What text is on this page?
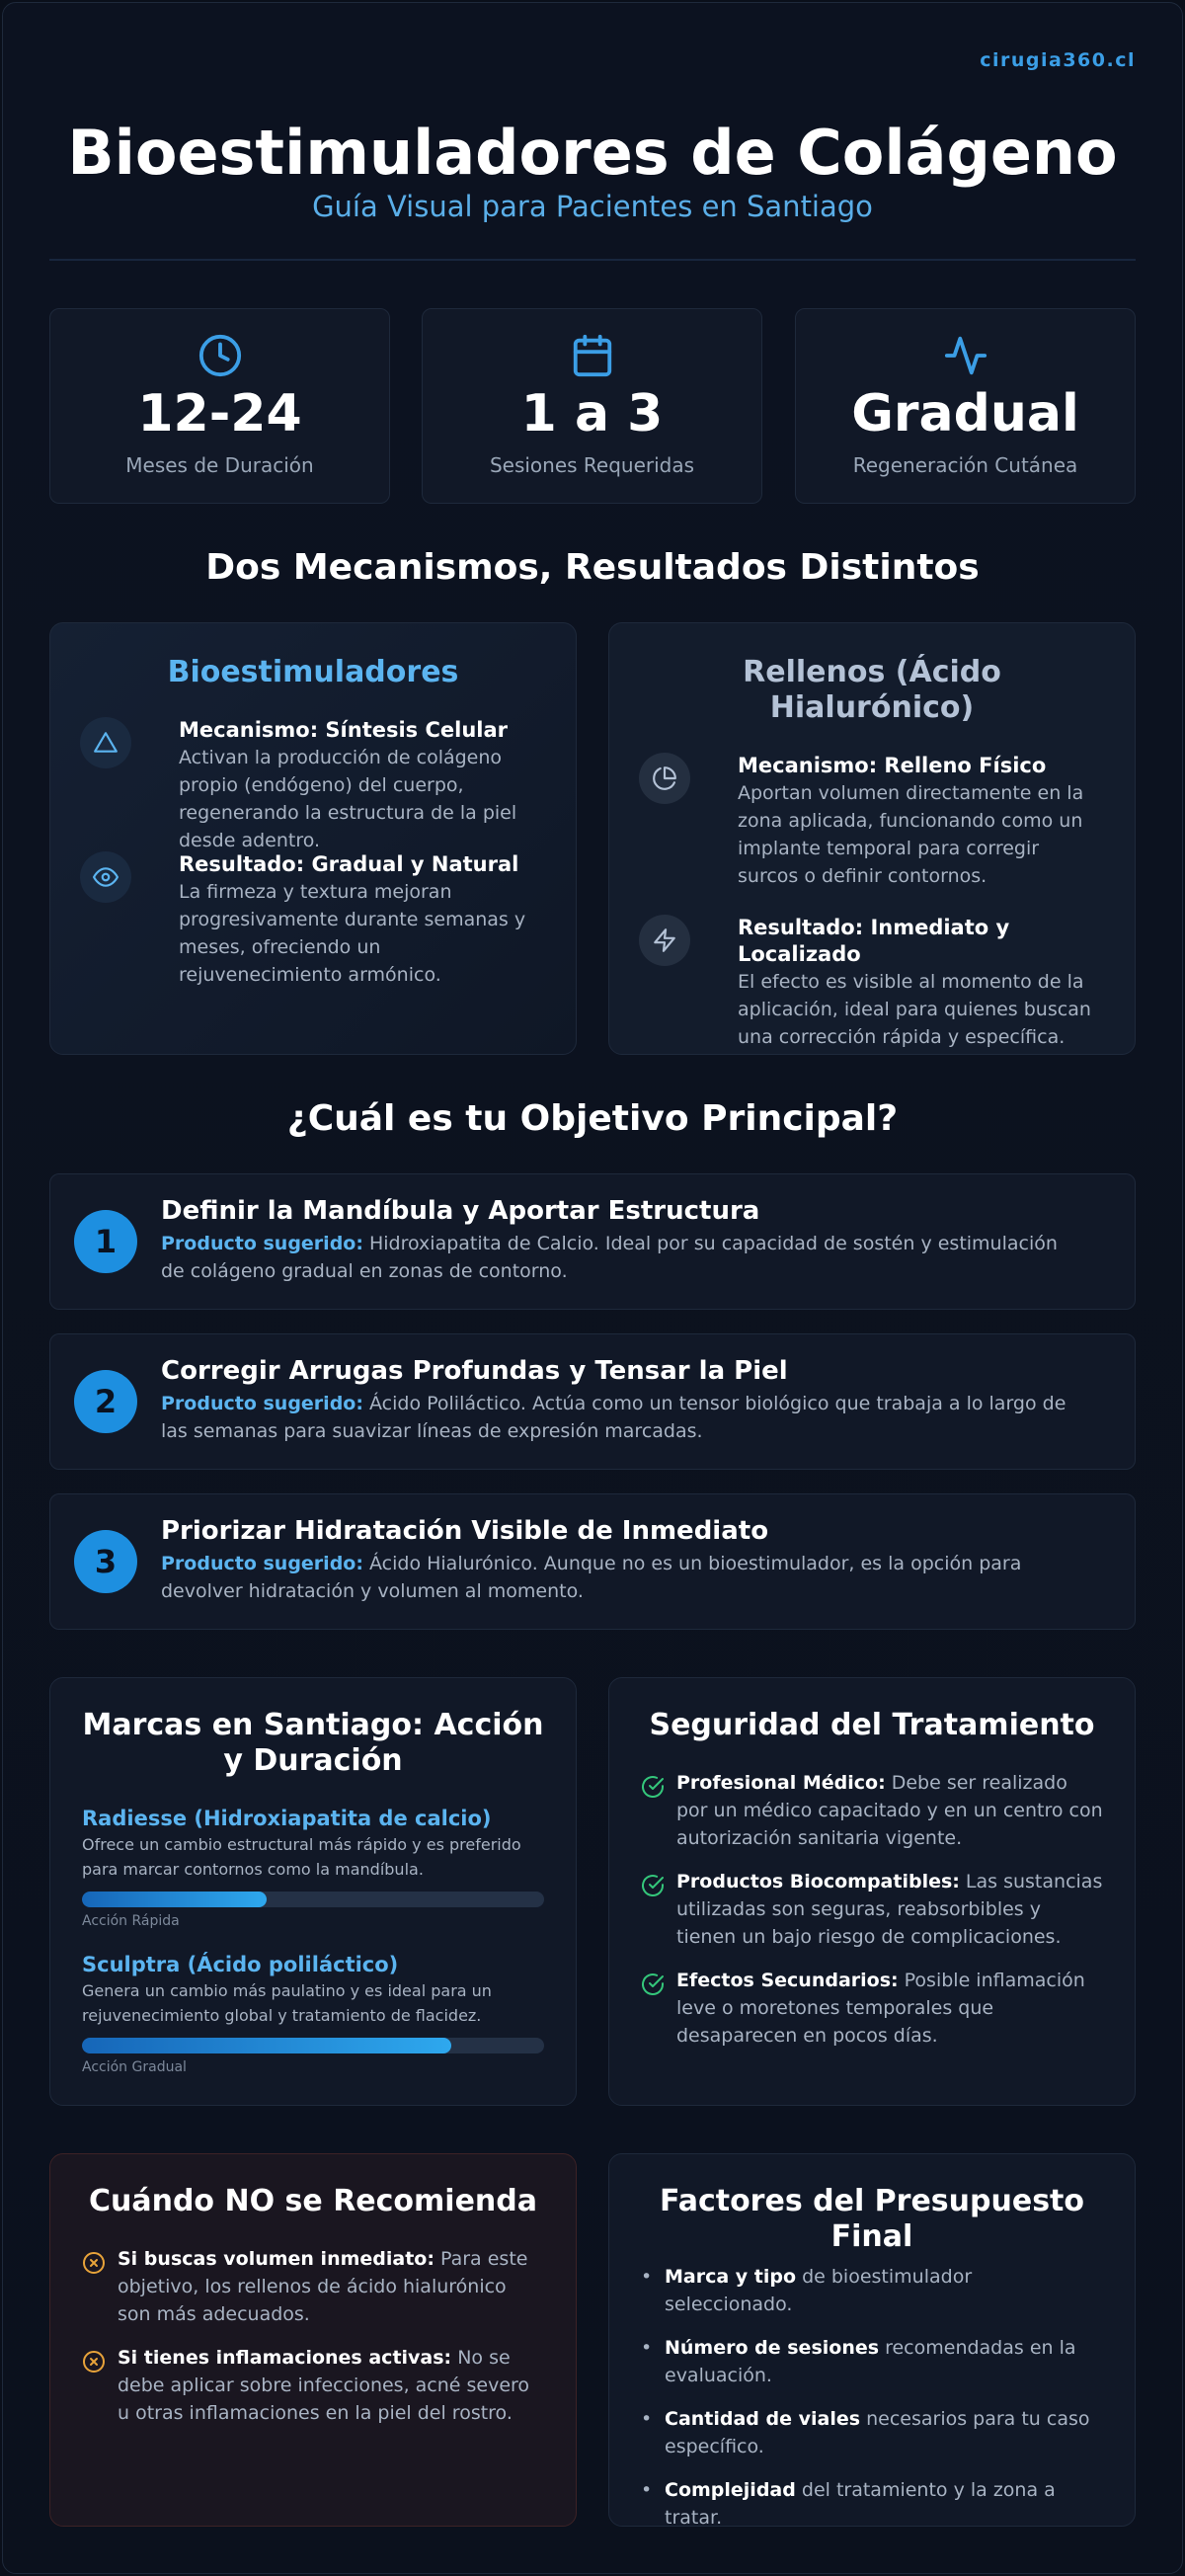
cirugia360.cl
Bioestimuladores de Colágeno
Guía Visual para Pacientes en Santiago
12-24
Meses de Duración
1 a 3
Sesiones Requeridas
Gradual
Regeneración Cutánea
Dos Mecanismos, Resultados Distintos
Bioestimuladores
Mecanismo: Síntesis Celular
Activan la producción de colágeno propio (endógeno) del cuerpo, regenerando la estructura de la piel desde adentro.
Resultado: Gradual y Natural
La firmeza y textura mejoran progresivamente durante semanas y meses, ofreciendo un rejuvenecimiento armónico.
Rellenos (Ácido
Hialurónico)
Mecanismo: Relleno Físico
Aportan volumen directamente en la zona aplicada, funcionando como un implante temporal para corregir surcos o definir contornos.
Resultado: Inmediato y Localizado
El efecto es visible al momento de la aplicación, ideal para quienes buscan una corrección rápida y específica.
¿Cuál es tu Objetivo Principal?
1
Definir la Mandíbula y Aportar Estructura
Producto sugerido: Hidroxiapatita de Calcio. Ideal por su capacidad de sostén y estimulación de colágeno gradual en zonas de contorno.
2
Corregir Arrugas Profundas y Tensar la Piel
Producto sugerido: Ácido Poliláctico. Actúa como un tensor biológico que trabaja a lo largo de las semanas para suavizar líneas de expresión marcadas.
3
Priorizar Hidratación Visible de Inmediato
Producto sugerido: Ácido Hialurónico. Aunque no es un bioestimulador, es la opción para devolver hidratación y volumen al momento.
Marcas en Santiago: Acción
y Duración
Radiesse (Hidroxiapatita de calcio)
Ofrece un cambio estructural más rápido y es preferido para marcar contornos como la mandíbula.
Acción Rápida
Sculptra (Ácido poliláctico)
Genera un cambio más paulatino y es ideal para un rejuvenecimiento global y tratamiento de flacidez.
Acción Gradual
Seguridad del Tratamiento
Profesional Médico: Debe ser realizado por un médico capacitado y en un centro con autorización sanitaria vigente.
Productos Biocompatibles: Las sustancias utilizadas son seguras, reabsorbibles y tienen un bajo riesgo de complicaciones.
Efectos Secundarios: Posible inflamación leve o moretones temporales que desaparecen en pocos días.
Cuándo NO se Recomienda
Si buscas volumen inmediato: Para este objetivo, los rellenos de ácido hialurónico son más adecuados.
Si tienes inflamaciones activas: No se debe aplicar sobre infecciones, acné severo u otras inflamaciones en la piel del rostro.
Factores del Presupuesto
Final
• Marca y tipo de bioestimulador seleccionado.
• Número de sesiones recomendadas en la evaluación.
• Cantidad de viales necesarios para tu caso específico.
• Complejidad del tratamiento y la zona a tratar.
